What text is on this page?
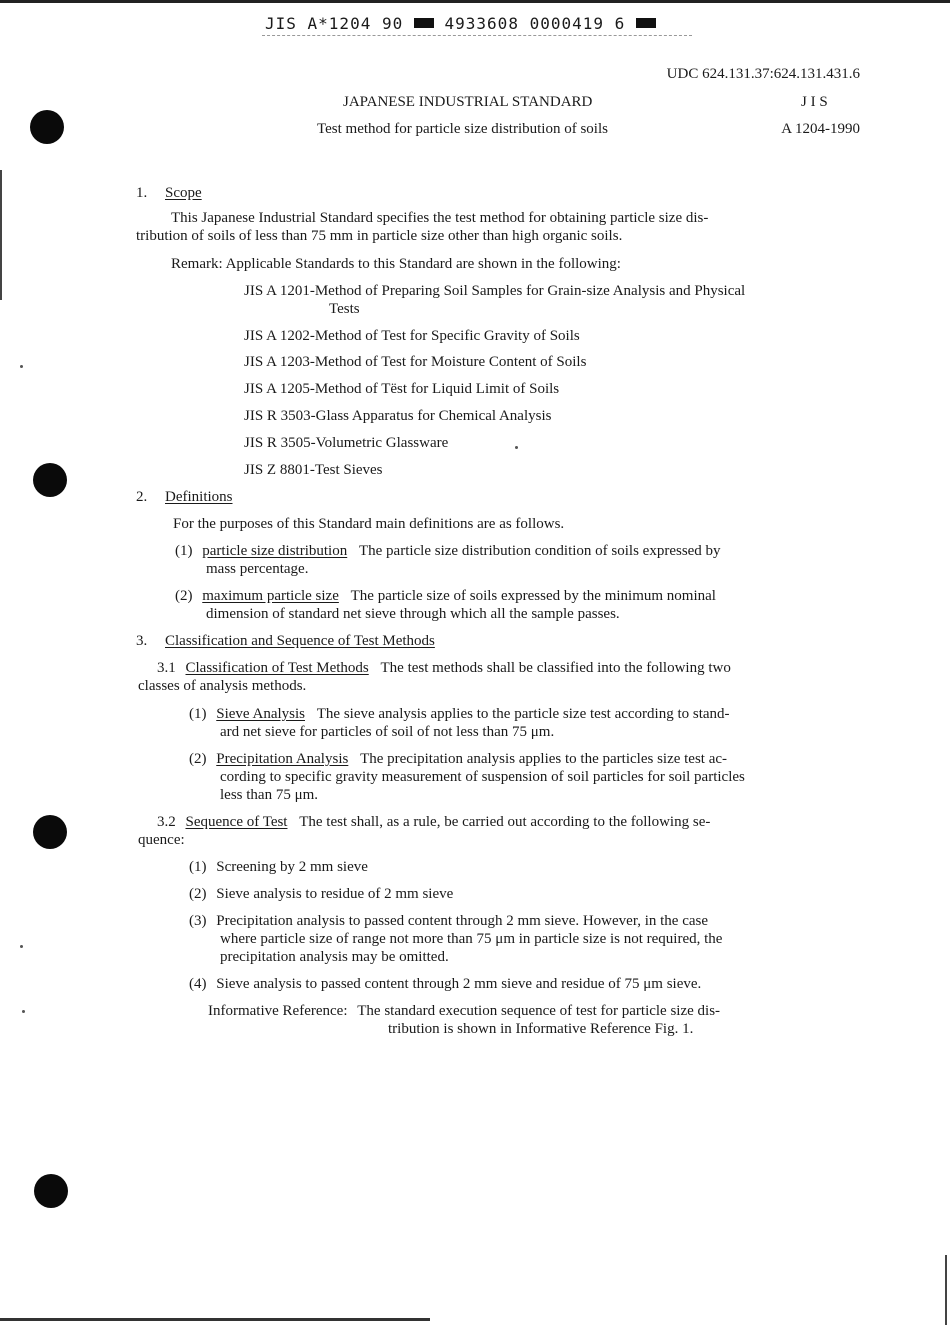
JIS A*1204 90	4933608 0000419 6
UDC 624.131.37:624.131.431.6
JAPANESE INDUSTRIAL STANDARD	J I S
Test method for particle size distribution of soils	A 1204-1990
1. Scope
This Japanese Industrial Standard specifies the test method for obtaining particle size dis-
tribution of soils of less than 75 mm in particle size other than high organic soils.
Remark: Applicable Standards to this Standard are shown in the following:
JIS A 1201-Method of Preparing Soil Samples for Grain-size Analysis and Physical
Tests
JIS A 1202-Method of Test for Specific Gravity of Soils
JIS A 1203-Method of Test for Moisture Content of Soils
JIS A 1205-Method of Tëst for Liquid Limit of Soils
JIS R 3503-Glass Apparatus for Chemical Analysis
JIS R 3505-Volumetric Glassware
JIS Z 8801-Test Sieves
2. Definitions
For the purposes of this Standard main definitions are as follows.
(1) particle size distribution The particle size distribution condition of soils expressed by
mass percentage.
(2) maximum particle size The particle size of soils expressed by the minimum nominal
dimension of standard net sieve through which all the sample passes.
3. Classification and Sequence of Test Methods
3.1 Classification of Test Methods The test methods shall be classified into the following two
classes of analysis methods.
(1) Sieve Analysis The sieve analysis applies to the particle size test according to stand-
ard net sieve for particles of soil of not less than 75 μm.
(2) Precipitation Analysis The precipitation analysis applies to the particles size test ac-
cording to specific gravity measurement of suspension of soil particles for soil particles
less than 75 μm.
3.2 Sequence of Test The test shall, as a rule, be carried out according to the following se-
quence:
(1) Screening by 2 mm sieve
(2) Sieve analysis to residue of 2 mm sieve
(3) Precipitation analysis to passed content through 2 mm sieve. However, in the case
where particle size of range not more than 75 μm in particle size is not required, the
precipitation analysis may be omitted.
(4) Sieve analysis to passed content through 2 mm sieve and residue of 75 μm sieve.
Informative Reference: The standard execution sequence of test for particle size dis-
tribution is shown in Informative Reference Fig. 1.
